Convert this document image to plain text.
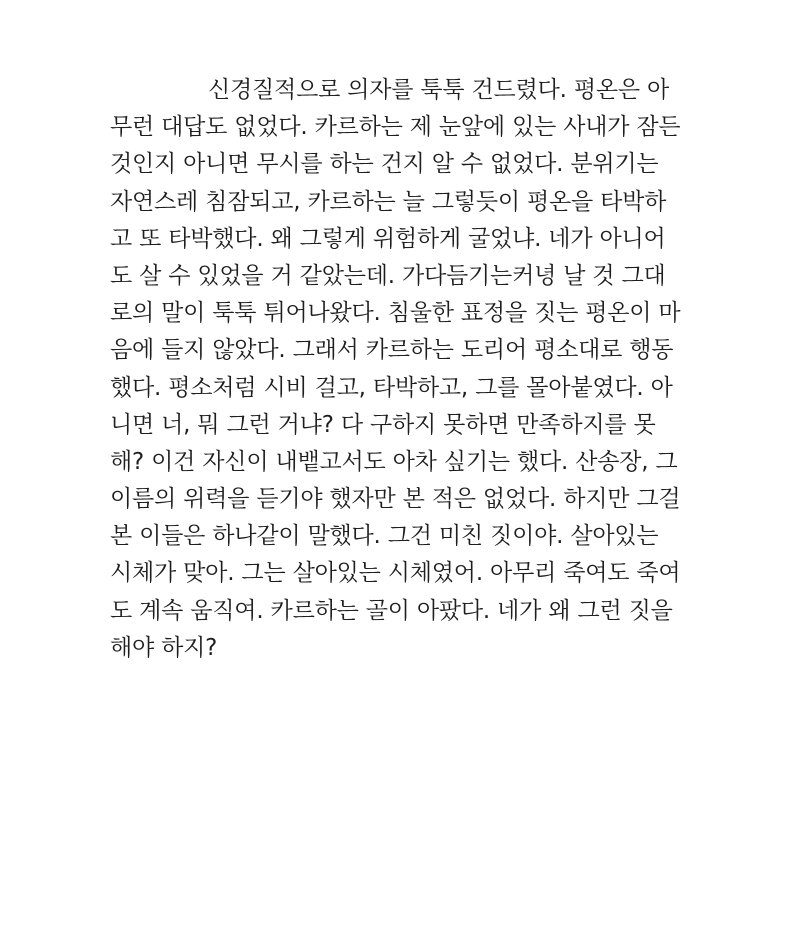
신경질적으로 의자를 툭툭 건드렸다. 평온은 아
무런 대답도 없었다. 카르하는 제 눈앞에 있는 사내가 잠든
것인지 아니면 무시를 하는 건지 알 수 없었다. 분위기는
자연스레 침잠되고, 카르하는 늘 그렇듯이 평온을 타박하
고 또 타박했다. 왜 그렇게 위험하게 굴었냐. 네가 아니어
도 살 수 있었을 거 같았는데. 가다듬기는커녕 날 것 그대
로의 말이 툭툭 튀어나왔다. 침울한 표정을 짓는 평온이 마
음에 들지 않았다. 그래서 카르하는 도리어 평소대로 행동
했다. 평소처럼 시비 걸고, 타박하고, 그를 몰아붙였다. 아
니면 너, 뭐 그런 거냐? 다 구하지 못하면 만족하지를 못
해? 이건 자신이 내뱉고서도 아차 싶기는 했다. 산송장, 그
이름의 위력을 듣기야 했자만 본 적은 없었다. 하지만 그걸
본 이들은 하나같이 말했다. 그건 미친 짓이야. 살아있는
시체가 맞아. 그는 살아있는 시체였어. 아무리 죽여도 죽여
도 계속 움직여. 카르하는 골이 아팠다. 네가 왜 그런 짓을
해야 하지?
